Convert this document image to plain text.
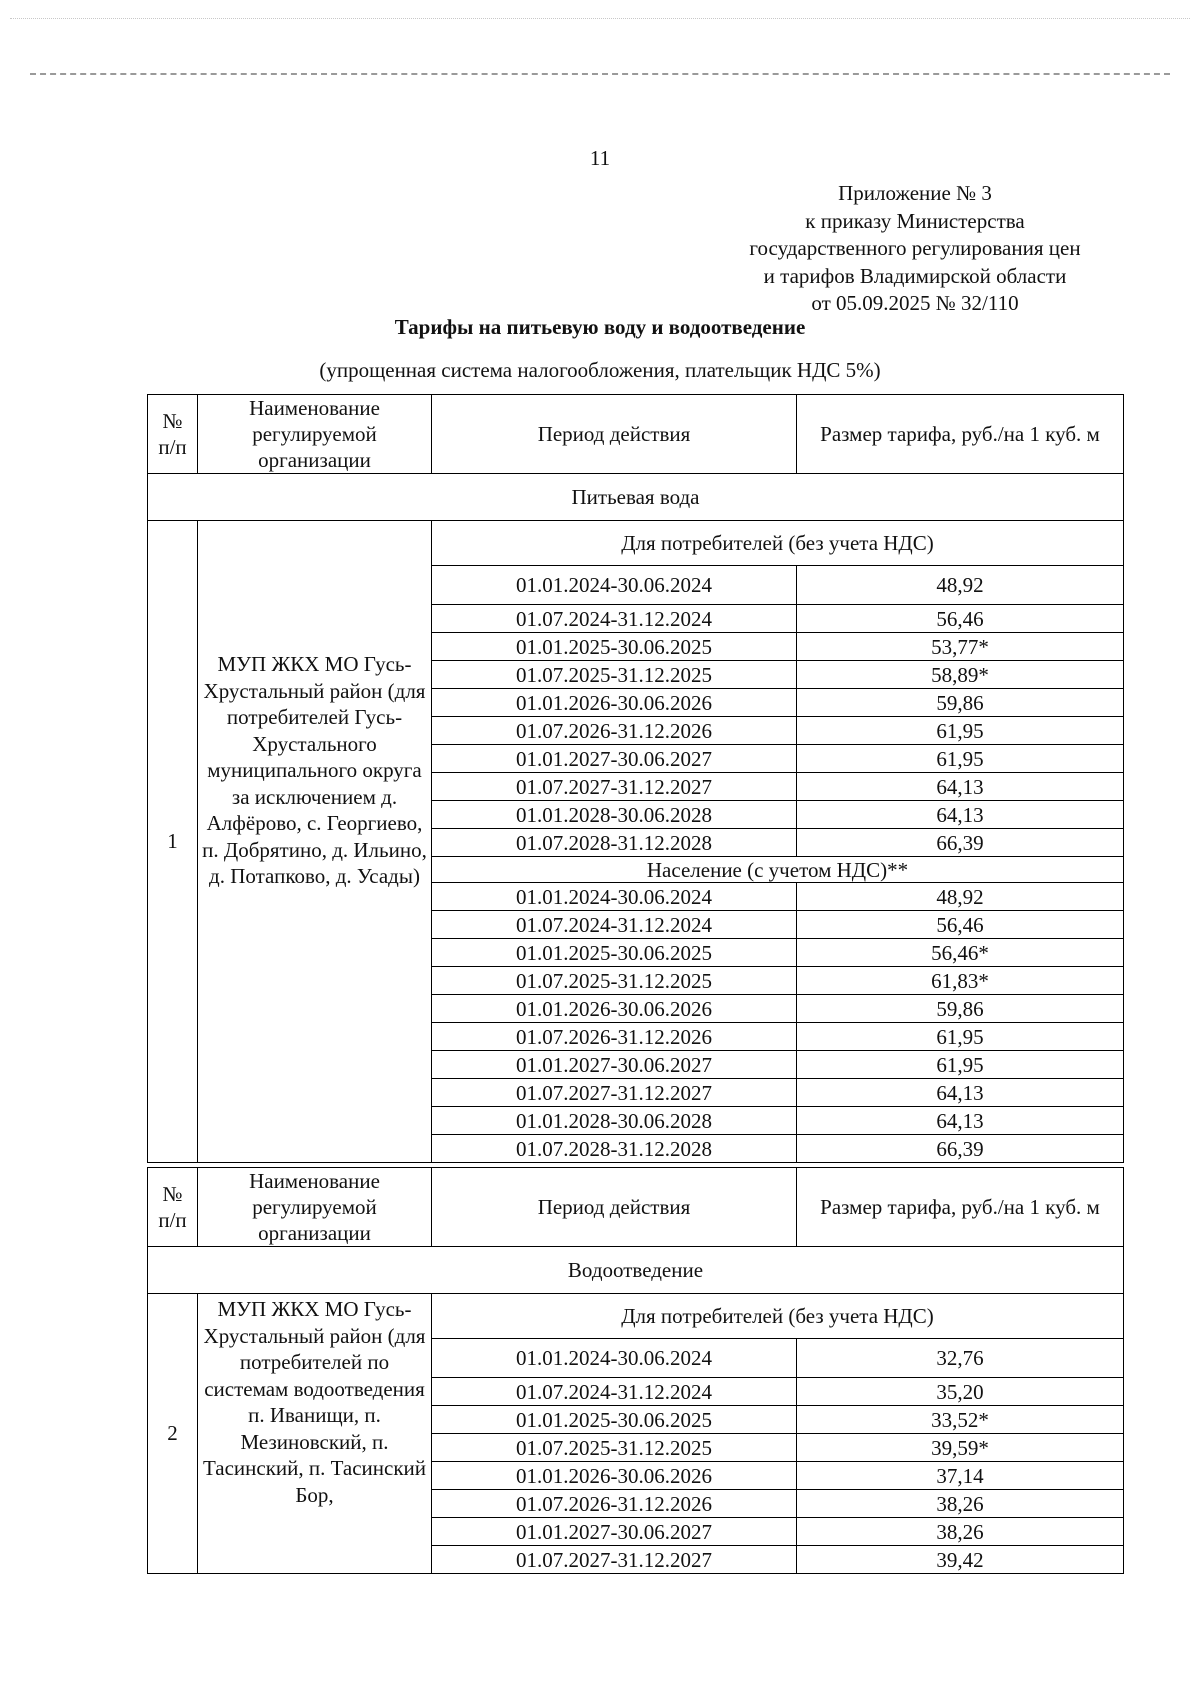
11
Приложение № 3
к приказу Министерства
государственного регулирования цен
и тарифов Владимирской области
от 05.09.2025 № 32/110
Тарифы на питьевую воду и водоотведение
(упрощенная система налогообложения, плательщик НДС 5%)
№ п/п	Наименование регулируемой организации	Период действия	Размер тарифа, руб./на 1 куб. м
Питьевая вода			
1	МУП ЖКХ МО Гусь-Хрустальный район (для потребителей Гусь-Хрустального муниципального округа за исключением д. Алфёрово, с. Георгиево, п. Добрятино, д. Ильино, д. Потапково, д. Усады)	Для потребителей (без учета НДС)	
		01.01.2024-30.06.2024	48,92
		01.07.2024-31.12.2024	56,46
		01.01.2025-30.06.2025	53,77*
		01.07.2025-31.12.2025	58,89*
		01.01.2026-30.06.2026	59,86
		01.07.2026-31.12.2026	61,95
		01.01.2027-30.06.2027	61,95
		01.07.2027-31.12.2027	64,13
		01.01.2028-30.06.2028	64,13
		01.07.2028-31.12.2028	66,39
		Население (с учетом НДС)**	
		01.01.2024-30.06.2024	48,92
		01.07.2024-31.12.2024	56,46
		01.01.2025-30.06.2025	56,46*
		01.07.2025-31.12.2025	61,83*
		01.01.2026-30.06.2026	59,86
		01.07.2026-31.12.2026	61,95
		01.01.2027-30.06.2027	61,95
		01.07.2027-31.12.2027	64,13
		01.01.2028-30.06.2028	64,13
		01.07.2028-31.12.2028	66,39
№ п/п	Наименование регулируемой организации	Период действия	Размер тарифа, руб./на 1 куб. м
Водоотведение			
2	МУП ЖКХ МО Гусь-Хрустальный район (для потребителей по системам водоотведения п. Иванищи, п. Мезиновский, п. Тасинский, п. Тасинский Бор,	Для потребителей (без учета НДС)	
		01.01.2024-30.06.2024	32,76
		01.07.2024-31.12.2024	35,20
		01.01.2025-30.06.2025	33,52*
		01.07.2025-31.12.2025	39,59*
		01.01.2026-30.06.2026	37,14
		01.07.2026-31.12.2026	38,26
		01.01.2027-30.06.2027	38,26
		01.07.2027-31.12.2027	39,42
